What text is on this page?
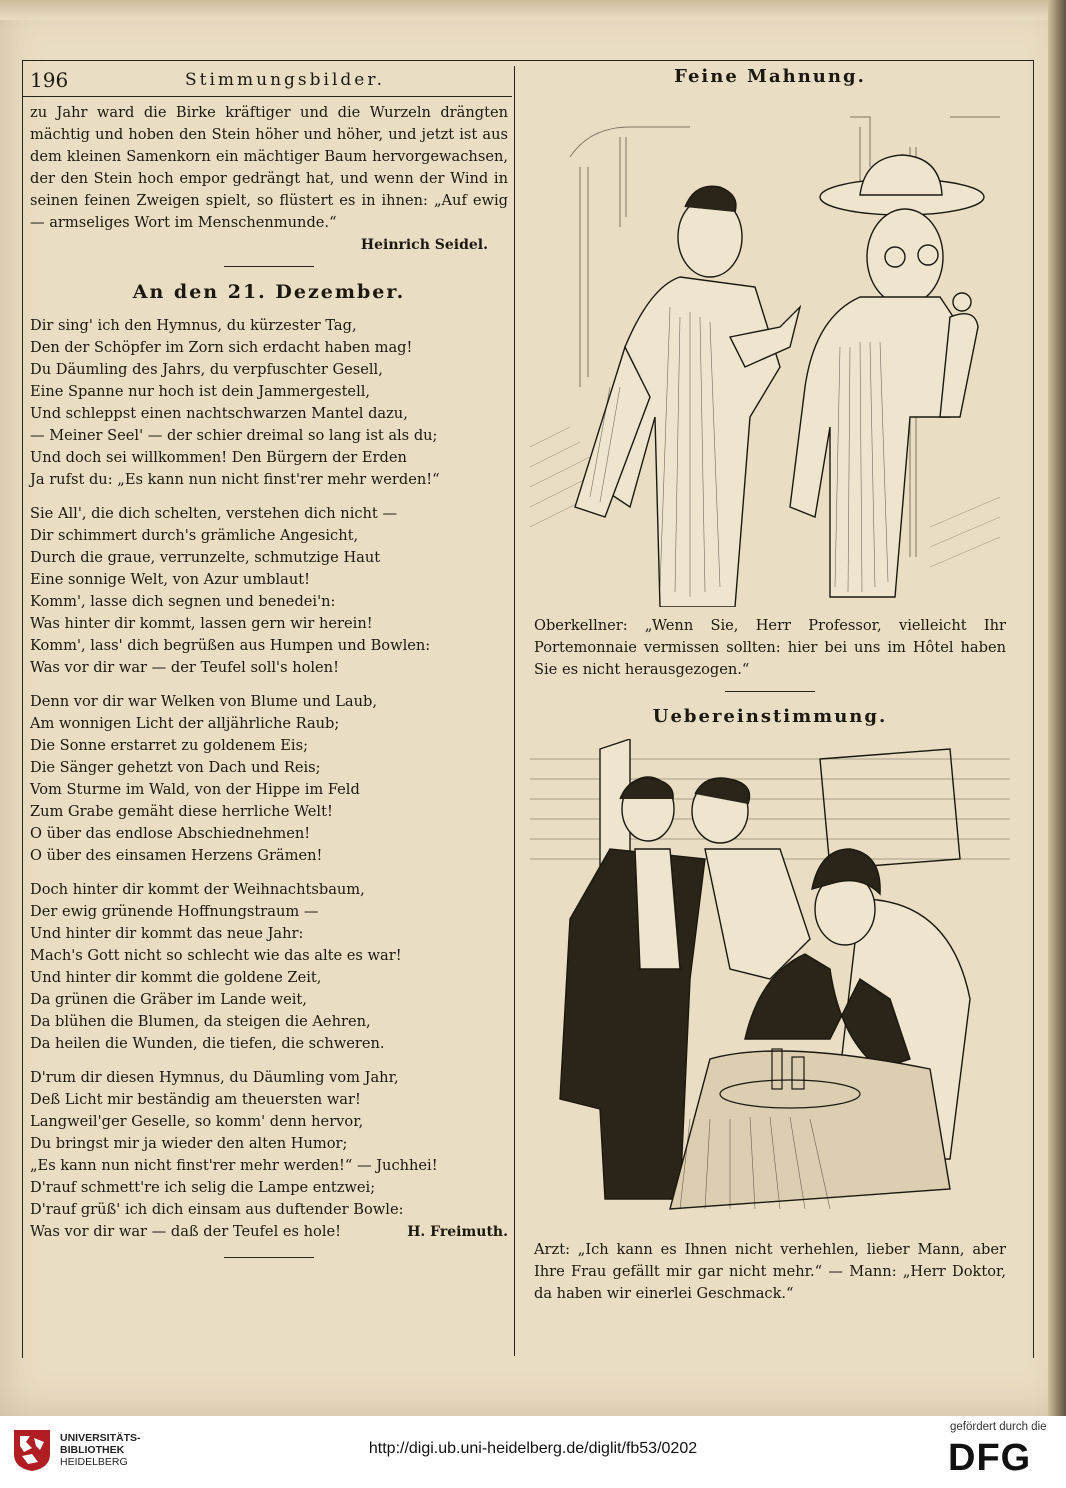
196	Stimmungsbilder.

zu Jahr ward die Birke kräftiger und die Wurzeln drängten mächtig und hoben den Stein höher und höher, und jetzt ist aus dem kleinen Samenkorn ein mächtiger Baum hervorgewachsen, der den Stein hoch empor gedrängt hat, und wenn der Wind in seinen feinen Zweigen spielt, so flüstert es in ihnen: „Auf ewig — armseliges Wort im Menschenmunde.“

Heinrich Seidel.
An den 21. Dezember.
Dir sing' ich den Hymnus, du kürzester Tag,
Den der Schöpfer im Zorn sich erdacht haben mag!
Du Däumling des Jahrs, du verpfuschter Gesell,
Eine Spanne nur hoch ist dein Jammergestell,
Und schleppst einen nachtschwarzen Mantel dazu,
— Meiner Seel' — der schier dreimal so lang ist als du;
Und doch sei willkommen! Den Bürgern der Erden
Ja rufst du: „Es kann nun nicht finst'rer mehr werden!“
Sie All', die dich schelten, verstehen dich nicht —
Dir schimmert durch's grämliche Angesicht,
Durch die graue, verrunzelte, schmutzige Haut
Eine sonnige Welt, von Azur umblaut!
Komm', lasse dich segnen und benedei'n:
Was hinter dir kommt, lassen gern wir herein!
Komm', lass' dich begrüßen aus Humpen und Bowlen:
Was vor dir war — der Teufel soll's holen!
Denn vor dir war Welken von Blume und Laub,
Am wonnigen Licht der alljährliche Raub;
Die Sonne erstarret zu goldenem Eis;
Die Sänger gehetzt von Dach und Reis;
Vom Sturme im Wald, von der Hippe im Feld
Zum Grabe gemäht diese herrliche Welt!
O über das endlose Abschiednehmen!
O über des einsamen Herzens Grämen!
Doch hinter dir kommt der Weihnachtsbaum,
Der ewig grünende Hoffnungstraum —
Und hinter dir kommt das neue Jahr:
Mach's Gott nicht so schlecht wie das alte es war!
Und hinter dir kommt die goldene Zeit,
Da grünen die Gräber im Lande weit,
Da blühen die Blumen, da steigen die Aehren,
Da heilen die Wunden, die tiefen, die schweren.
D'rum dir diesen Hymnus, du Däumling vom Jahr,
Deß Licht mir beständig am theuersten war!
Langweil'ger Geselle, so komm' denn hervor,
Du bringst mir ja wieder den alten Humor;
„Es kann nun nicht finst'rer mehr werden!“ — Juchhei!
D'rauf schmett're ich selig die Lampe entzwei;
D'rauf grüß' ich dich einsam aus duftender Bowle:
Was vor dir war — daß der Teufel es hole!	H. Freimuth.
Feine Mahnung.

Oberkellner: „Wenn Sie, Herr Professor, vielleicht Ihr Portemonnaie vermissen sollten: hier bei uns im Hôtel haben Sie es nicht herausgezogen.“

Uebereinstimmung.

Arzt: „Ich kann es Ihnen nicht verhehlen, lieber Mann, aber Ihre Frau gefällt mir gar nicht mehr.“ — Mann: „Herr Doktor, da haben wir einerlei Geschmack.“

UNIVERSITÄTS-
BIBLIOTHEK
HEIDELBERG
http://digi.ub.uni-heidelberg.de/diglit/fb53/0202
gefördert durch die
DFG
